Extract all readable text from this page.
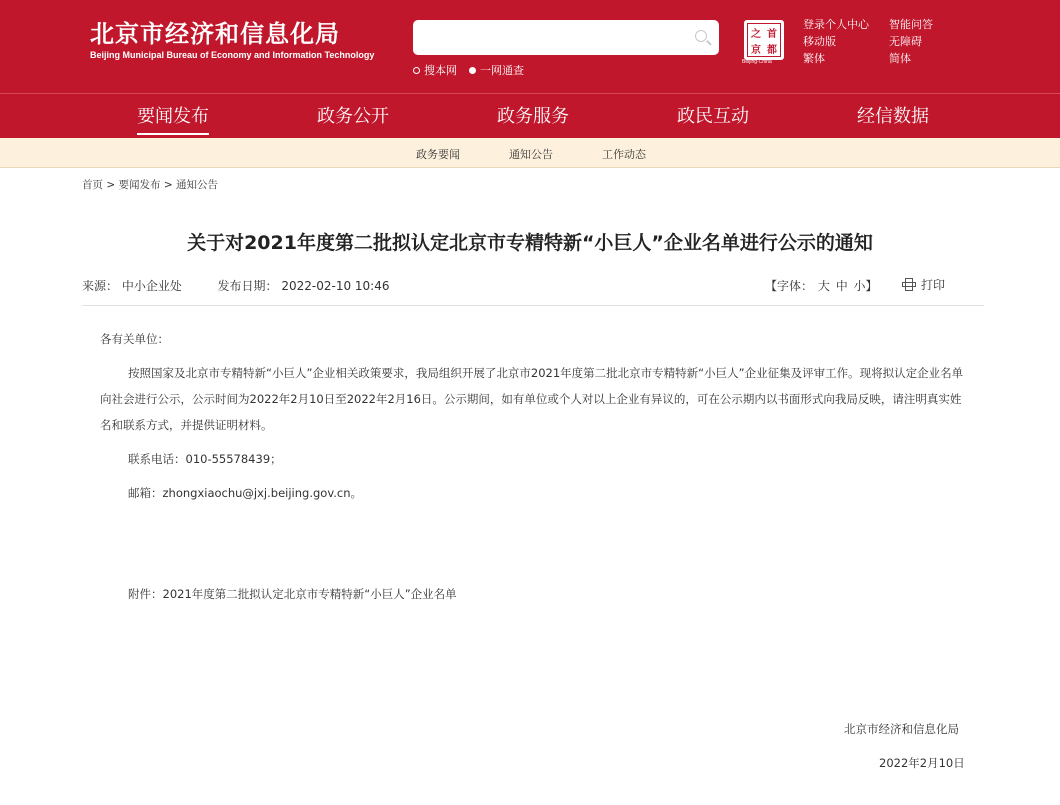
北京市经济和信息化局
Beijing Municipal Bureau of Economy and Information Technology
搜本网 一网通查
之 首
京 都
Beijing·China
登录个人中心	智能问答
移动版	无障碍
繁体	简体
要闻发布	政务公开	政务服务	政民互动	经信数据
政务要闻	通知公告	工作动态
首页 > 要闻发布 > 通知公告
关于对2021年度第二批拟认定北京市专精特新“小巨人”企业名单进行公示的通知
来源： 中小企业处	发布日期： 2022-02-10 10:46	【字体： 大 中 小】	打印
各有关单位：
按照国家及北京市专精特新“小巨人”企业相关政策要求，我局组织开展了北京市2021年度第二批北京市专精特新“小巨人”企业征集及评审工作。现将拟认定企业名单向社会进行公示，公示时间为2022年2月10日至2022年2月16日。公示期间，如有单位或个人对以上企业有异议的，可在公示期内以书面形式向我局反映，请注明真实姓名和联系方式，并提供证明材料。
联系电话：010-55578439；
邮箱：zhongxiaochu@jxj.beijing.gov.cn。
附件：2021年度第二批拟认定北京市专精特新“小巨人”企业名单
北京市经济和信息化局
2022年2月10日
